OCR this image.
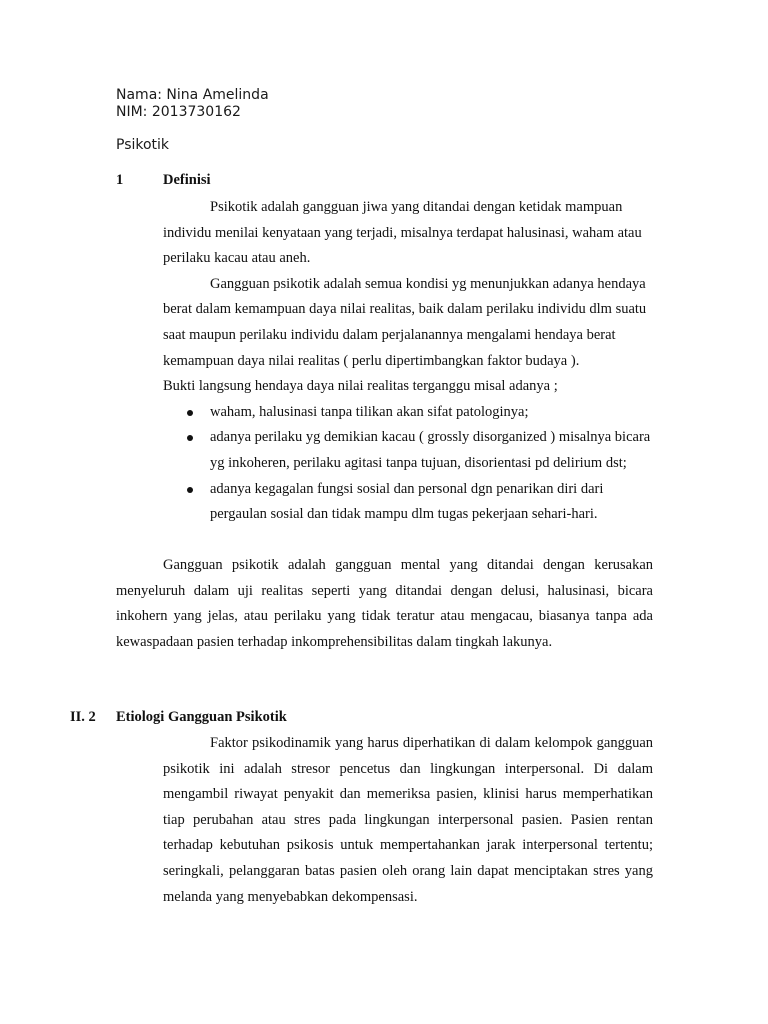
Nama: Nina Amelinda
NIM: 2013730162
Psikotik
1	Definisi

Psikotik adalah gangguan jiwa yang ditandai dengan ketidak mampuan individu menilai kenyataan yang terjadi, misalnya terdapat halusinasi, waham atau perilaku kacau atau aneh.

Gangguan psikotik adalah semua kondisi yg menunjukkan adanya hendaya berat dalam kemampuan daya nilai realitas, baik dalam perilaku individu dlm suatu saat maupun perilaku individu dalam perjalanannya mengalami hendaya berat kemampuan daya nilai realitas ( perlu dipertimbangkan faktor budaya ).

Bukti langsung hendaya daya nilai realitas terganggu misal adanya ;

waham, halusinasi tanpa tilikan akan sifat patologinya;
adanya perilaku yg demikian kacau ( grossly disorganized ) misalnya bicara yg inkoheren, perilaku agitasi tanpa tujuan, disorientasi pd delirium dst;
adanya kegagalan fungsi sosial dan personal dgn penarikan diri dari pergaulan sosial dan tidak mampu dlm tugas pekerjaan sehari-hari.

Gangguan psikotik adalah gangguan mental yang ditandai dengan kerusakan menyeluruh dalam uji realitas seperti yang ditandai dengan delusi, halusinasi, bicara inkohern yang jelas, atau perilaku yang tidak teratur atau mengacau, biasanya tanpa ada kewaspadaan pasien terhadap inkomprehensibilitas dalam tingkah lakunya.

II. 2 Etiologi Gangguan Psikotik

Faktor psikodinamik yang harus diperhatikan di dalam kelompok gangguan psikotik ini adalah stresor pencetus dan lingkungan interpersonal. Di dalam mengambil riwayat penyakit dan memeriksa pasien, klinisi harus memperhatikan tiap perubahan atau stres pada lingkungan interpersonal pasien. Pasien rentan terhadap kebutuhan psikosis untuk mempertahankan jarak interpersonal tertentu; seringkali, pelanggaran batas pasien oleh orang lain dapat menciptakan stres yang melanda yang menyebabkan dekompensasi.
